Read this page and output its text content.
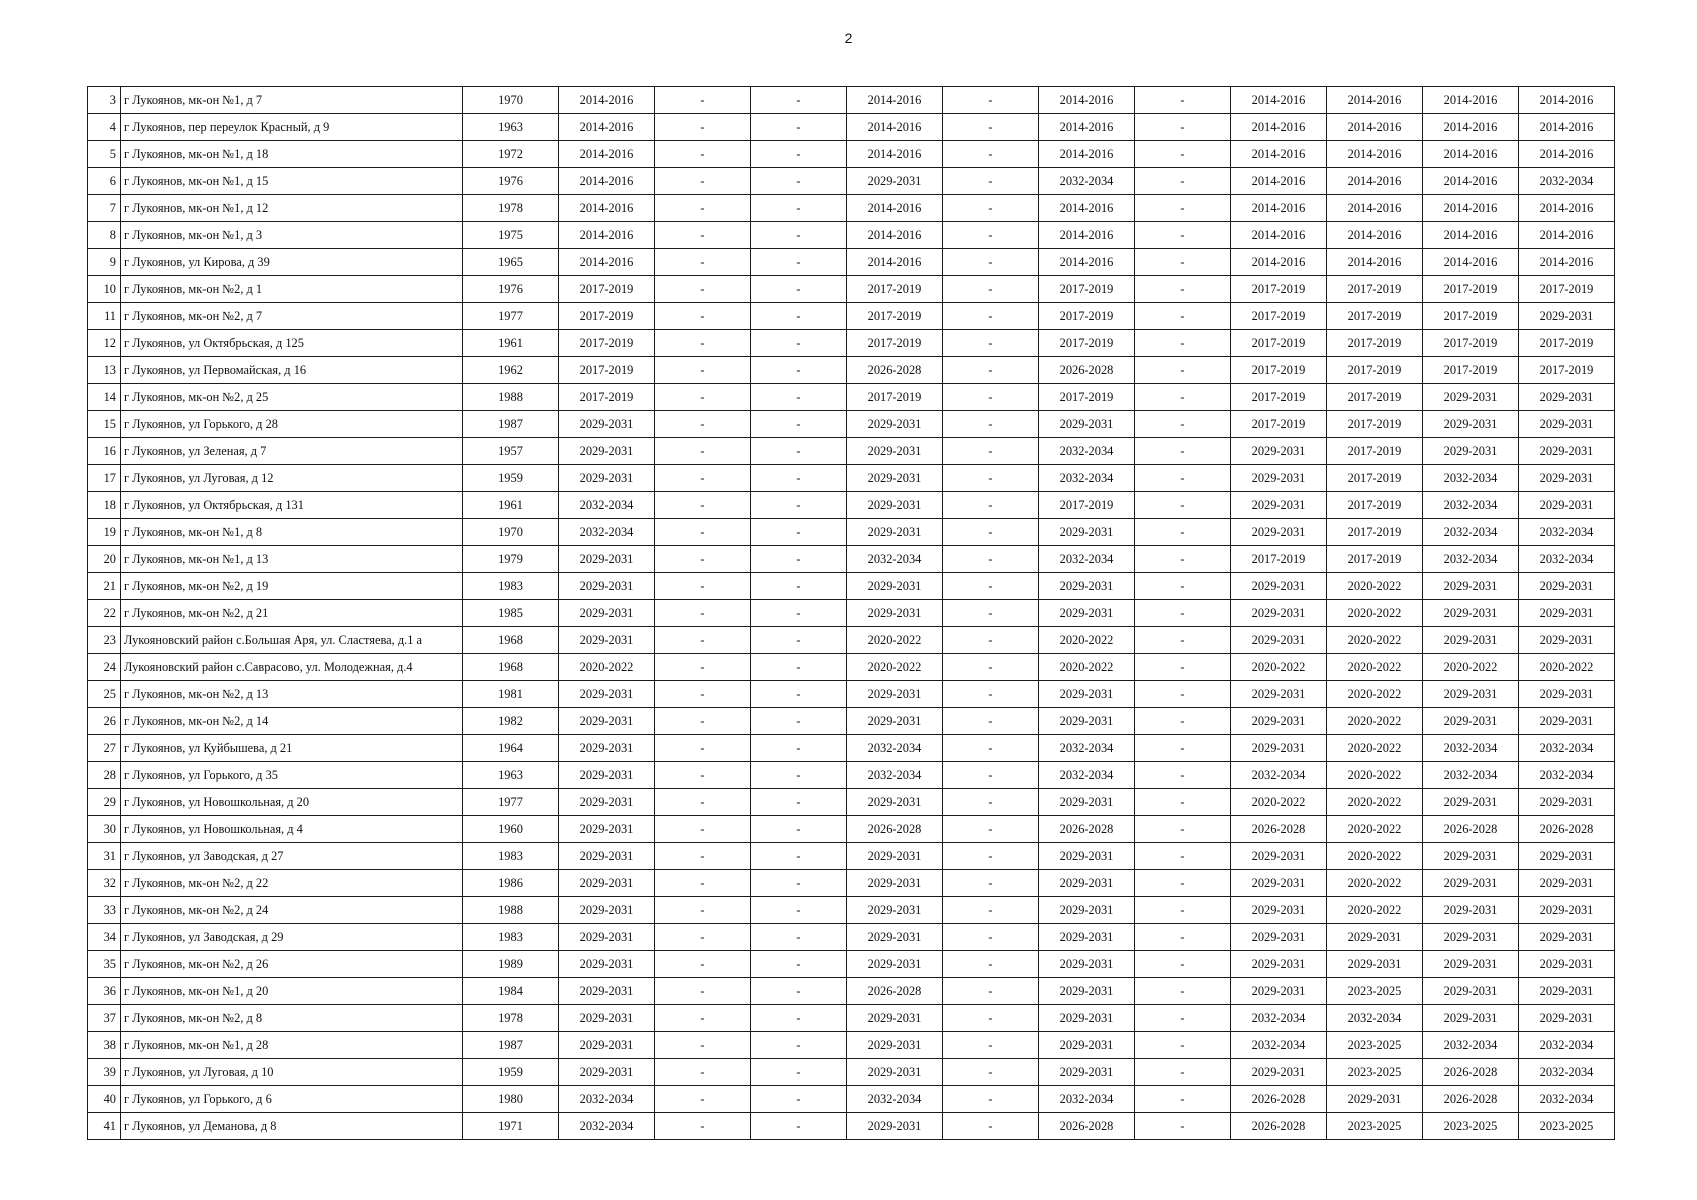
2
3	г Лукоянов, мк-он №1, д 7	1970	2014-2016	-	-	2014-2016	-	2014-2016	-	2014-2016	2014-2016	2014-2016	2014-2016
4	г Лукоянов, пер переулок Красный, д 9	1963	2014-2016	-	-	2014-2016	-	2014-2016	-	2014-2016	2014-2016	2014-2016	2014-2016
5	г Лукоянов, мк-он №1, д 18	1972	2014-2016	-	-	2014-2016	-	2014-2016	-	2014-2016	2014-2016	2014-2016	2014-2016
6	г Лукоянов, мк-он №1, д 15	1976	2014-2016	-	-	2029-2031	-	2032-2034	-	2014-2016	2014-2016	2014-2016	2032-2034
7	г Лукоянов, мк-он №1, д 12	1978	2014-2016	-	-	2014-2016	-	2014-2016	-	2014-2016	2014-2016	2014-2016	2014-2016
8	г Лукоянов, мк-он №1, д 3	1975	2014-2016	-	-	2014-2016	-	2014-2016	-	2014-2016	2014-2016	2014-2016	2014-2016
9	г Лукоянов, ул Кирова, д 39	1965	2014-2016	-	-	2014-2016	-	2014-2016	-	2014-2016	2014-2016	2014-2016	2014-2016
10	г Лукоянов, мк-он №2, д 1	1976	2017-2019	-	-	2017-2019	-	2017-2019	-	2017-2019	2017-2019	2017-2019	2017-2019
11	г Лукоянов, мк-он №2, д 7	1977	2017-2019	-	-	2017-2019	-	2017-2019	-	2017-2019	2017-2019	2017-2019	2029-2031
12	г Лукоянов, ул Октябрьская, д 125	1961	2017-2019	-	-	2017-2019	-	2017-2019	-	2017-2019	2017-2019	2017-2019	2017-2019
13	г Лукоянов, ул Первомайская, д 16	1962	2017-2019	-	-	2026-2028	-	2026-2028	-	2017-2019	2017-2019	2017-2019	2017-2019
14	г Лукоянов, мк-он №2, д 25	1988	2017-2019	-	-	2017-2019	-	2017-2019	-	2017-2019	2017-2019	2029-2031	2029-2031
15	г Лукоянов, ул Горького, д 28	1987	2029-2031	-	-	2029-2031	-	2029-2031	-	2017-2019	2017-2019	2029-2031	2029-2031
16	г Лукоянов, ул Зеленая, д 7	1957	2029-2031	-	-	2029-2031	-	2032-2034	-	2029-2031	2017-2019	2029-2031	2029-2031
17	г Лукоянов, ул Луговая, д 12	1959	2029-2031	-	-	2029-2031	-	2032-2034	-	2029-2031	2017-2019	2032-2034	2029-2031
18	г Лукоянов, ул Октябрьская, д 131	1961	2032-2034	-	-	2029-2031	-	2017-2019	-	2029-2031	2017-2019	2032-2034	2029-2031
19	г Лукоянов, мк-он №1, д 8	1970	2032-2034	-	-	2029-2031	-	2029-2031	-	2029-2031	2017-2019	2032-2034	2032-2034
20	г Лукоянов, мк-он №1, д 13	1979	2029-2031	-	-	2032-2034	-	2032-2034	-	2017-2019	2017-2019	2032-2034	2032-2034
21	г Лукоянов, мк-он №2, д 19	1983	2029-2031	-	-	2029-2031	-	2029-2031	-	2029-2031	2020-2022	2029-2031	2029-2031
22	г Лукоянов, мк-он №2, д 21	1985	2029-2031	-	-	2029-2031	-	2029-2031	-	2029-2031	2020-2022	2029-2031	2029-2031
23	Лукояновский район с.Большая Аря, ул. Сластяева, д.1 а	1968	2029-2031	-	-	2020-2022	-	2020-2022	-	2029-2031	2020-2022	2029-2031	2029-2031
24	Лукояновский район с.Саврасово, ул. Молодежная, д.4	1968	2020-2022	-	-	2020-2022	-	2020-2022	-	2020-2022	2020-2022	2020-2022	2020-2022
25	г Лукоянов, мк-он №2, д 13	1981	2029-2031	-	-	2029-2031	-	2029-2031	-	2029-2031	2020-2022	2029-2031	2029-2031
26	г Лукоянов, мк-он №2, д 14	1982	2029-2031	-	-	2029-2031	-	2029-2031	-	2029-2031	2020-2022	2029-2031	2029-2031
27	г Лукоянов, ул Куйбышева, д 21	1964	2029-2031	-	-	2032-2034	-	2032-2034	-	2029-2031	2020-2022	2032-2034	2032-2034
28	г Лукоянов, ул Горького, д 35	1963	2029-2031	-	-	2032-2034	-	2032-2034	-	2032-2034	2020-2022	2032-2034	2032-2034
29	г Лукоянов, ул Новошкольная, д 20	1977	2029-2031	-	-	2029-2031	-	2029-2031	-	2020-2022	2020-2022	2029-2031	2029-2031
30	г Лукоянов, ул Новошкольная, д 4	1960	2029-2031	-	-	2026-2028	-	2026-2028	-	2026-2028	2020-2022	2026-2028	2026-2028
31	г Лукоянов, ул Заводская, д 27	1983	2029-2031	-	-	2029-2031	-	2029-2031	-	2029-2031	2020-2022	2029-2031	2029-2031
32	г Лукоянов, мк-он №2, д 22	1986	2029-2031	-	-	2029-2031	-	2029-2031	-	2029-2031	2020-2022	2029-2031	2029-2031
33	г Лукоянов, мк-он №2, д 24	1988	2029-2031	-	-	2029-2031	-	2029-2031	-	2029-2031	2020-2022	2029-2031	2029-2031
34	г Лукоянов, ул Заводская, д 29	1983	2029-2031	-	-	2029-2031	-	2029-2031	-	2029-2031	2029-2031	2029-2031	2029-2031
35	г Лукоянов, мк-он №2, д 26	1989	2029-2031	-	-	2029-2031	-	2029-2031	-	2029-2031	2029-2031	2029-2031	2029-2031
36	г Лукоянов, мк-он №1, д 20	1984	2029-2031	-	-	2026-2028	-	2029-2031	-	2029-2031	2023-2025	2029-2031	2029-2031
37	г Лукоянов, мк-он №2, д 8	1978	2029-2031	-	-	2029-2031	-	2029-2031	-	2032-2034	2032-2034	2029-2031	2029-2031
38	г Лукоянов, мк-он №1, д 28	1987	2029-2031	-	-	2029-2031	-	2029-2031	-	2032-2034	2023-2025	2032-2034	2032-2034
39	г Лукоянов, ул Луговая, д 10	1959	2029-2031	-	-	2029-2031	-	2029-2031	-	2029-2031	2023-2025	2026-2028	2032-2034
40	г Лукоянов, ул Горького, д 6	1980	2032-2034	-	-	2032-2034	-	2032-2034	-	2026-2028	2029-2031	2026-2028	2032-2034
41	г Лукоянов, ул Деманова, д 8	1971	2032-2034	-	-	2029-2031	-	2026-2028	-	2026-2028	2023-2025	2023-2025	2023-2025
